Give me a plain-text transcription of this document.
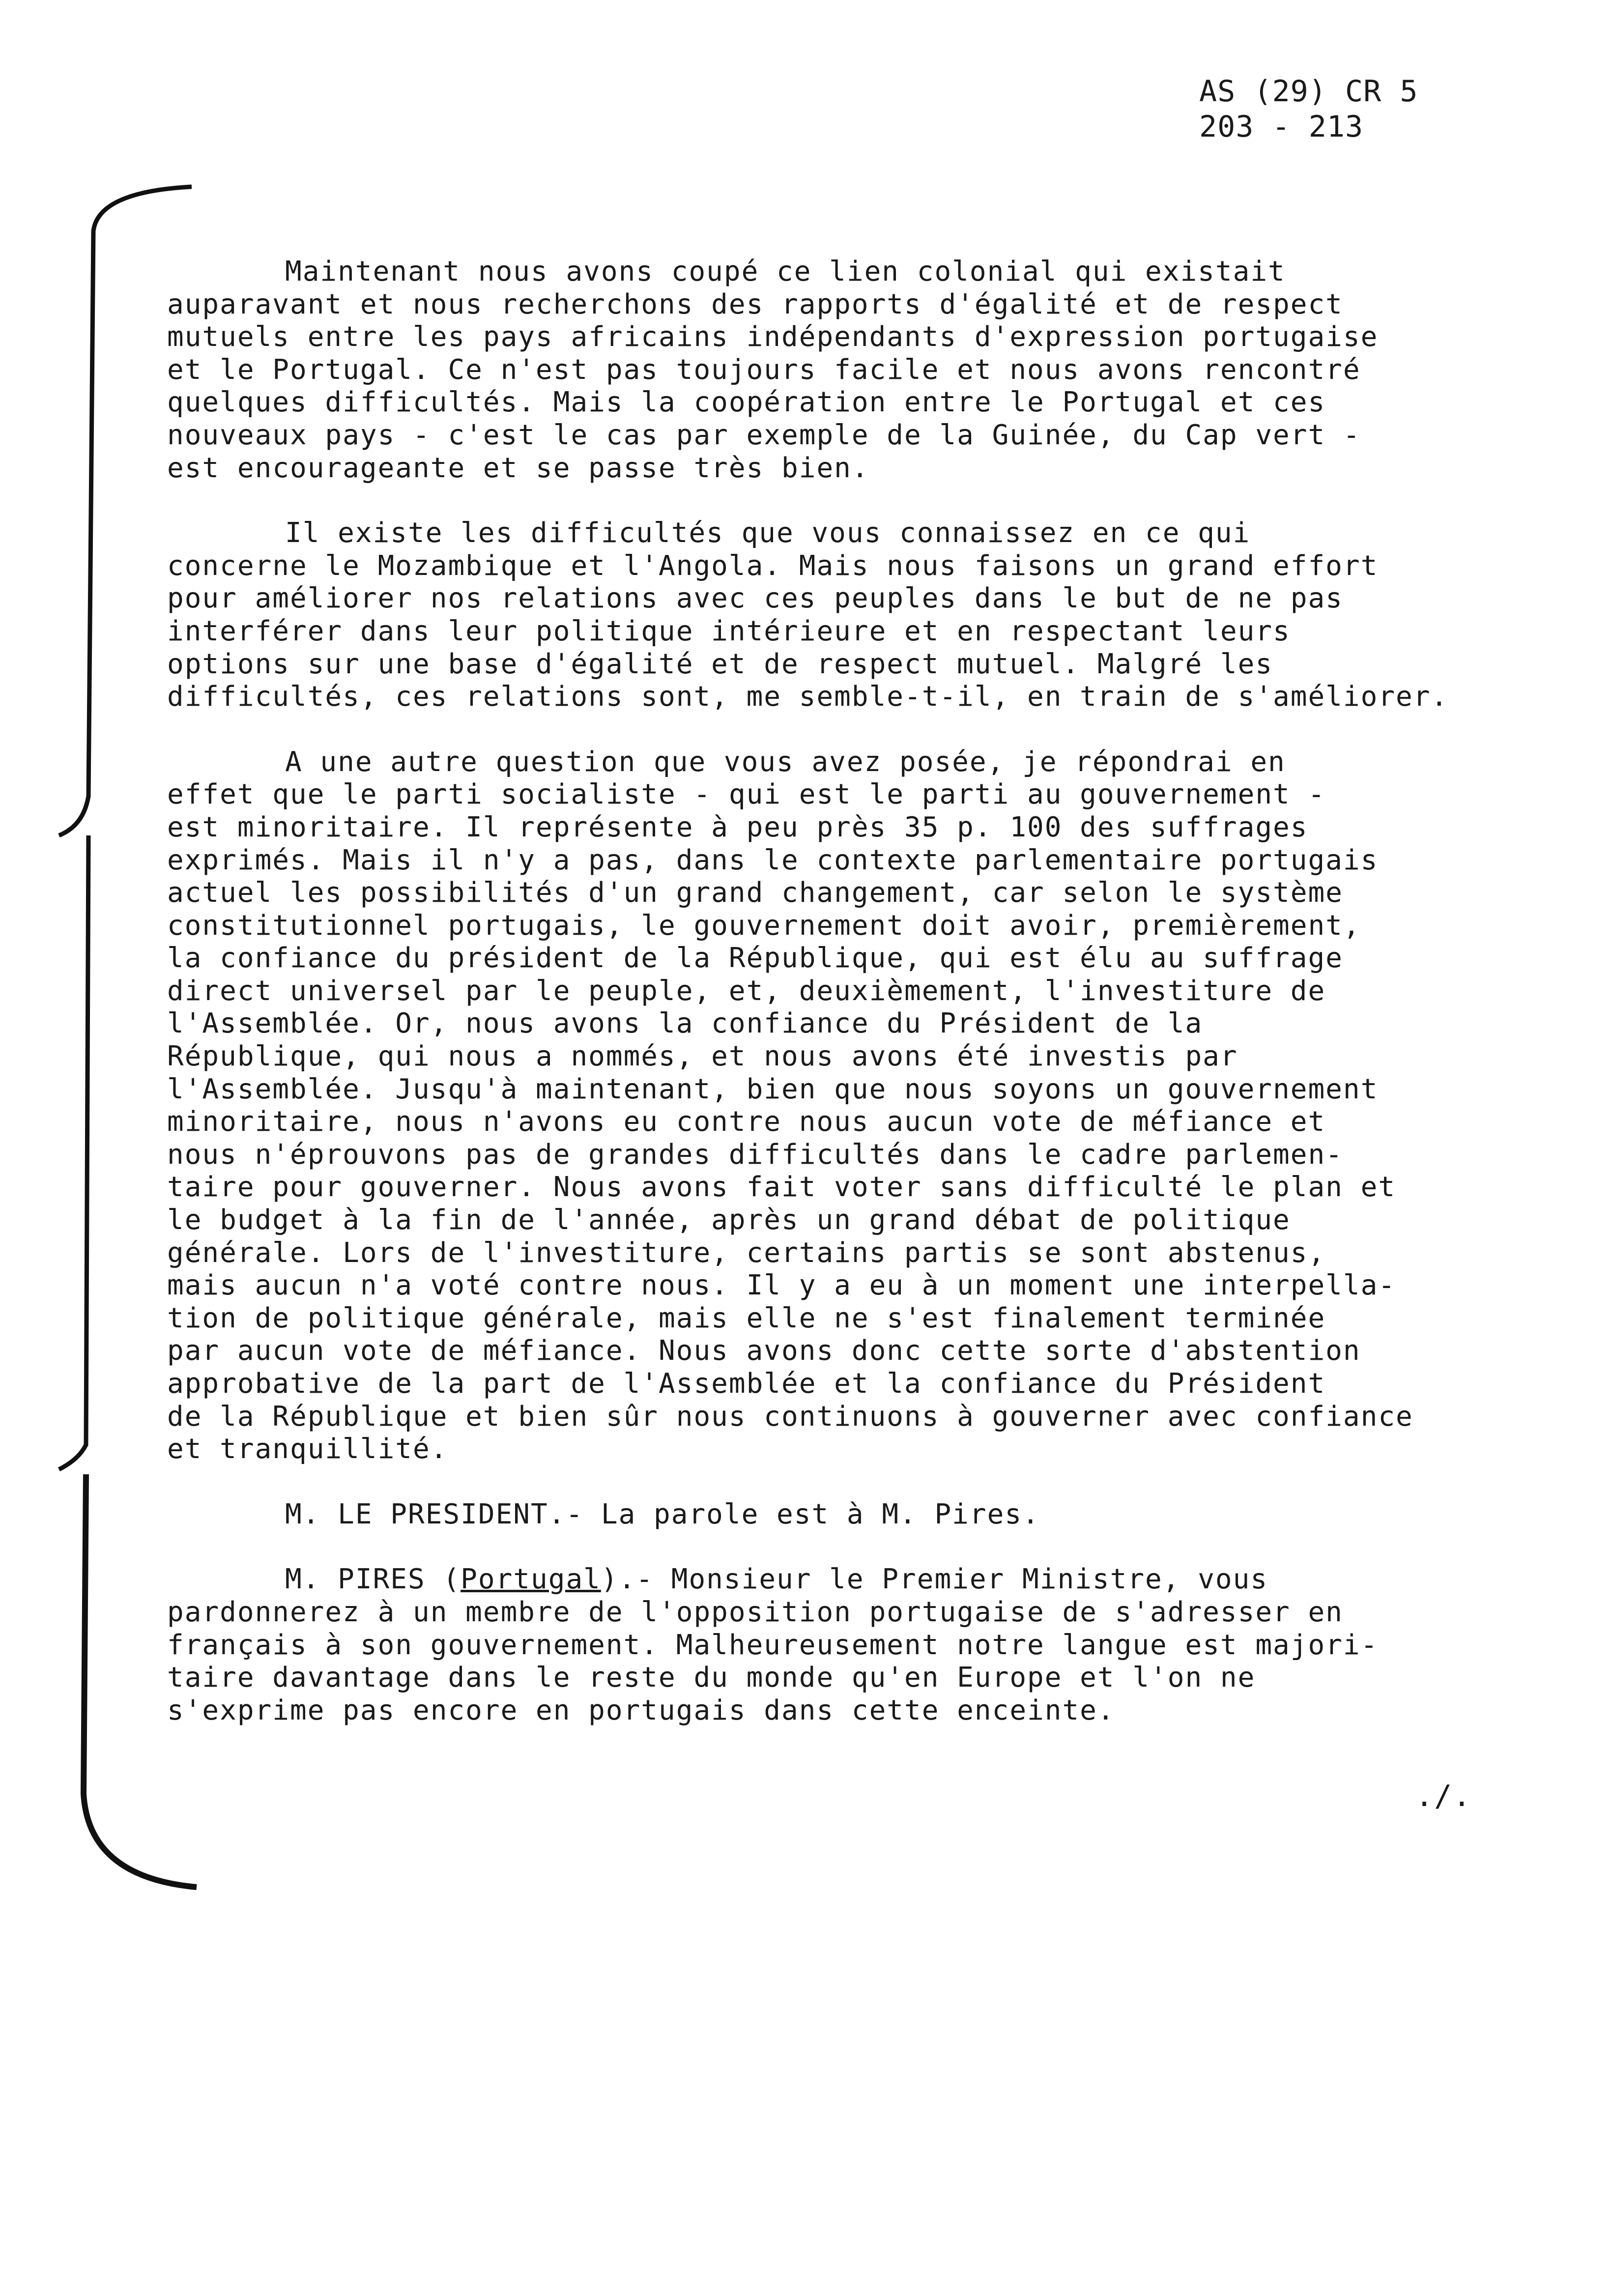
AS (29) CR 5
203 - 213

Maintenant nous avons coupé ce lien colonial qui existait
auparavant et nous recherchons des rapports d'égalité et de respect
mutuels entre les pays africains indépendants d'expression portugaise
et le Portugal. Ce n'est pas toujours facile et nous avons rencontré
quelques difficultés. Mais la coopération entre le Portugal et ces
nouveaux pays - c'est le cas par exemple de la Guinée, du Cap vert -
est encourageante et se passe très bien.

Il existe les difficultés que vous connaissez en ce qui
concerne le Mozambique et l'Angola. Mais nous faisons un grand effort
pour améliorer nos relations avec ces peuples dans le but de ne pas
interférer dans leur politique intérieure et en respectant leurs
options sur une base d'égalité et de respect mutuel. Malgré les
difficultés, ces relations sont, me semble-t-il, en train de s'améliorer.

A une autre question que vous avez posée, je répondrai en
effet que le parti socialiste - qui est le parti au gouvernement -
est minoritaire. Il représente à peu près 35 p. 100 des suffrages
exprimés. Mais il n'y a pas, dans le contexte parlementaire portugais
actuel les possibilités d'un grand changement, car selon le système
constitutionnel portugais, le gouvernement doit avoir, premièrement,
la confiance du président de la République, qui est élu au suffrage
direct universel par le peuple, et, deuxièmement, l'investiture de
l'Assemblée. Or, nous avons la confiance du Président de la
République, qui nous a nommés, et nous avons été investis par
l'Assemblée. Jusqu'à maintenant, bien que nous soyons un gouvernement
minoritaire, nous n'avons eu contre nous aucun vote de méfiance et
nous n'éprouvons pas de grandes difficultés dans le cadre parlemen-
taire pour gouverner. Nous avons fait voter sans difficulté le plan et
le budget à la fin de l'année, après un grand débat de politique
générale. Lors de l'investiture, certains partis se sont abstenus,
mais aucun n'a voté contre nous. Il y a eu à un moment une interpella-
tion de politique générale, mais elle ne s'est finalement terminée
par aucun vote de méfiance. Nous avons donc cette sorte d'abstention
approbative de la part de l'Assemblée et la confiance du Président
de la République et bien sûr nous continuons à gouverner avec confiance
et tranquillité.

M. LE PRESIDENT.- La parole est à M. Pires.

M. PIRES (Portugal).- Monsieur le Premier Ministre, vous
pardonnerez à un membre de l'opposition portugaise de s'adresser en
français à son gouvernement. Malheureusement notre langue est majori-
taire davantage dans le reste du monde qu'en Europe et l'on ne
s'exprime pas encore en portugais dans cette enceinte.

./.
